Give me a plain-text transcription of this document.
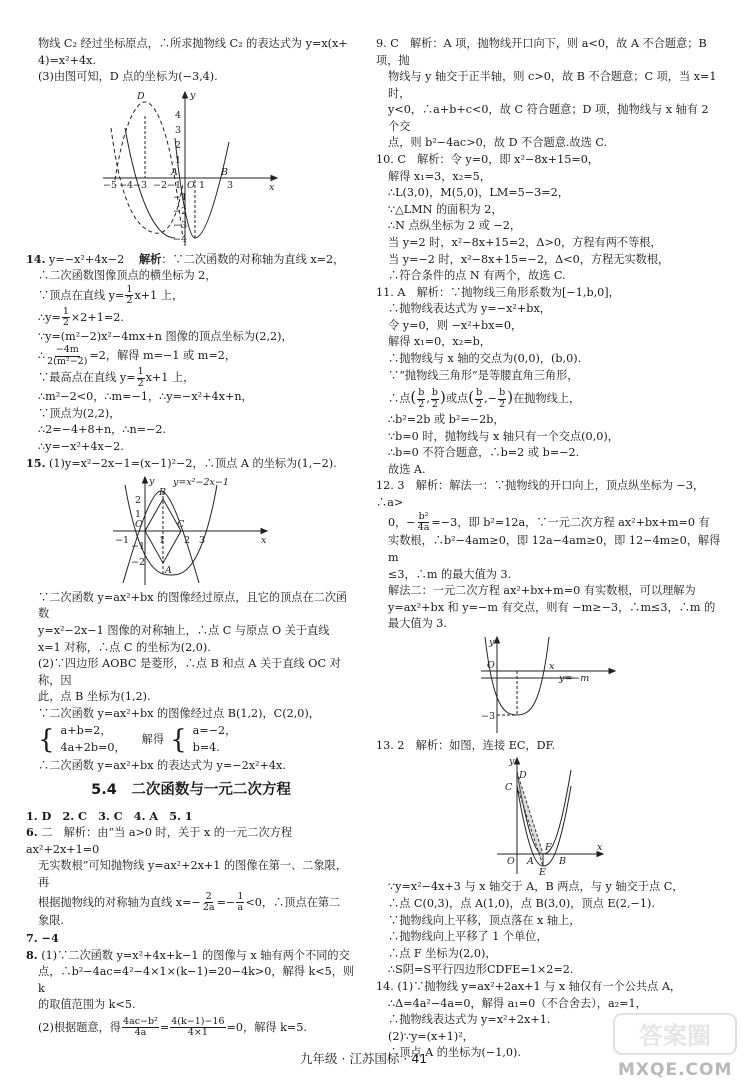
物线 C₂ 经过坐标原点，∴所求抛物线 C₂ 的表达式为 y=x(x+

4)=x²+4x.

(3)由图可知，D 点的坐标为(−3,4).

D
A	B
x
y
O
−5 −4 −3 −2 −1 1 3
4
3
2
1
−1
−2
−3
−4

14. y=−x²+4x−2　 解析：∵二次函数的对称轴为直线 x=2，

∴二次函数图像顶点的横坐标为 2，

∵顶点在直线 $y= \frac{1}{2} x+1$ 上，

∴y= $\frac{1}{2} \times 2+1=2$.

∵y=(m²−2)x²−4mx+n 图像的顶点坐标为(2,2)，

∴ $\frac{-4m}{\text{2(m²−2)}} =2$，解得 m=−1 或 m=2，

∵最高点在直线 $y= \frac{1}{2} x+1$ 上，

∴m²−2<0，∴m=−1，∴y=−x²+4x+n，

∵顶点为(2,2)，

∴2=−4+8+n，∴n=−2.

∴y=−x²+4x−2.

15. (1)y=x²−2x−1=(x−1)²−2，∴顶点 A 的坐标为(1,−2).

y=x²−2x−1
B
C
A
O
x
y
2
1
−1
−2
−1	1 2 3

∵二次函数 y=ax²+bx 的图像经过原点，且它的顶点在二次函数

y=x²−2x−1 图像的对称轴上，∴点 C 与原点 O 关于直线

x=1 对称，∴点 C 的坐标为(2,0).

(2)∵四边形 AOBC 是菱形，∴点 B 和点 A 关于直线 OC 对称，因

此，点 B 坐标为(1,2).

∵二次函数 y=ax²+bx 的图像经过点 B(1,2)，C(2,0)，

{ a+b=2，
4a+2b=0，
解得 { a=−2，
b=4.

∴二次函数 y=ax²+bx 的表达式为 y=−2x²+4x.

5.4　二次函数与一元二次方程

1. D　2. C　3. C　4. A　5. 1

6. 二　解析：由“当 a>0 时，关于 x 的一元二次方程 ax²+2x+1=0

无实数根”可知抛物线 y=ax²+2x+1 的图像在第一、二象限，再

根据抛物线的对称轴为直线 $x=- \frac{2}{2a} =- \frac{1}{a} <0$，∴顶点在第二

象限.

7. −4

8. (1)∵二次函数 y=x²+4x+k−1 的图像与 x 轴有两个不同的交

点，∴b²−4ac=4²−4×1×(k−1)=20−4k>0，解得 k<5，则 k

的取值范围为 k<5.

(2)根据题意，得 $\frac{\text{4ac−b²}}{4a} = \frac{4(k-1)-16}{4\times 1} =0$，解得 k=5.

9. C　解析：A 项，抛物线开口向下，则 a<0，故 A 不合题意；B 项，抛

物线与 y 轴交于正半轴，则 c>0，故 B 不合题意；C 项，当 x=1 时，

y<0，∴a+b+c<0，故 C 符合题意；D 项，抛物线与 x 轴有 2 个交

点，则 b²−4ac>0，故 D 不合题意.故选 C.

10. C　解析：令 y=0，即 x²−8x+15=0，

解得 x₁=3，x₂=5，

∴L(3,0)，M(5,0)，LM=5−3=2，

∵△LMN 的面积为 2，

∴N 点纵坐标为 2 或 −2，

当 y=2 时，x²−8x+15=2，Δ>0，方程有两不等根，

当 y=−2 时，x²−8x+15=−2，Δ<0，方程无实数根，

∴符合条件的点 N 有两个，故选 C.

11. A　解析：∵抛物线三角形系数为[−1,b,0]，

∴抛物线表达式为 y=−x²+bx，

令 y=0，则 −x²+bx=0，

解得 x₁=0，x₂=b，

∴抛物线与 x 轴的交点为(0,0)，(b,0).

∵“抛物线三角形”是等腰直角三角形，

∴点( $\frac{b}{2}$ , $\frac{b}{2}$ )或点( $\frac{b}{2}$ ,− $\frac{b}{2}$ )在抛物线上，

∴b²=2b 或 b²=−2b，

∵b=0 时，抛物线与 x 轴只有一个交点(0,0)，

∴b=0 不符合题意，∴b=2 或 b=−2.

故选 A.

12. 3　解析：解法一：∵抛物线的开口向上，顶点纵坐标为 −3，∴a>

0，− $\frac{\text{b²}}{4a} =-3$，即 b²=12a，∵一元二次方程 ax²+bx+m=0 有

实数根，∴b²−4am≥0，即 12a−4am≥0，即 12−4m≥0，解得 m

≤3，∴m 的最大值为 3.

解法二：一元二次方程 ax²+bx+m=0 有实数根，可以理解为

y=ax²+bx 和 y=−m 有交点，则有 −m≥−3，∴m≤3，∴m 的

最大值为 3.

y
O	x
y=−m
−3

13. 2　解析：如图，连接 EC，DF.

y
D
C
O A
F
B
E
x

∵y=x²−4x+3 与 x 轴交于 A，B 两点，与 y 轴交于点 C，

∴点 C(0,3)，点 A(1,0)，点 B(3,0)，顶点 E(2,−1).

∵抛物线向上平移，顶点落在 x 轴上，

∴抛物线向上平移了 1 个单位，

∴点 F 坐标为(2,0)，

∴S阴=S平行四边形CDFE=1×2=2.

14. (1)∵抛物线 y=ax²+2ax+1 与 x 轴仅有一个公共点 A，

∴Δ=4a²−4a=0，解得 a₁=0（不合舍去），a₂=1，

∴抛物线表达式为 y=x²+2x+1.

(2)∵y=(x+1)²，

∴顶点 A 的坐标为(−1,0).

九年级 · 江苏国标 · 41
答案圈
MXQE.COM
